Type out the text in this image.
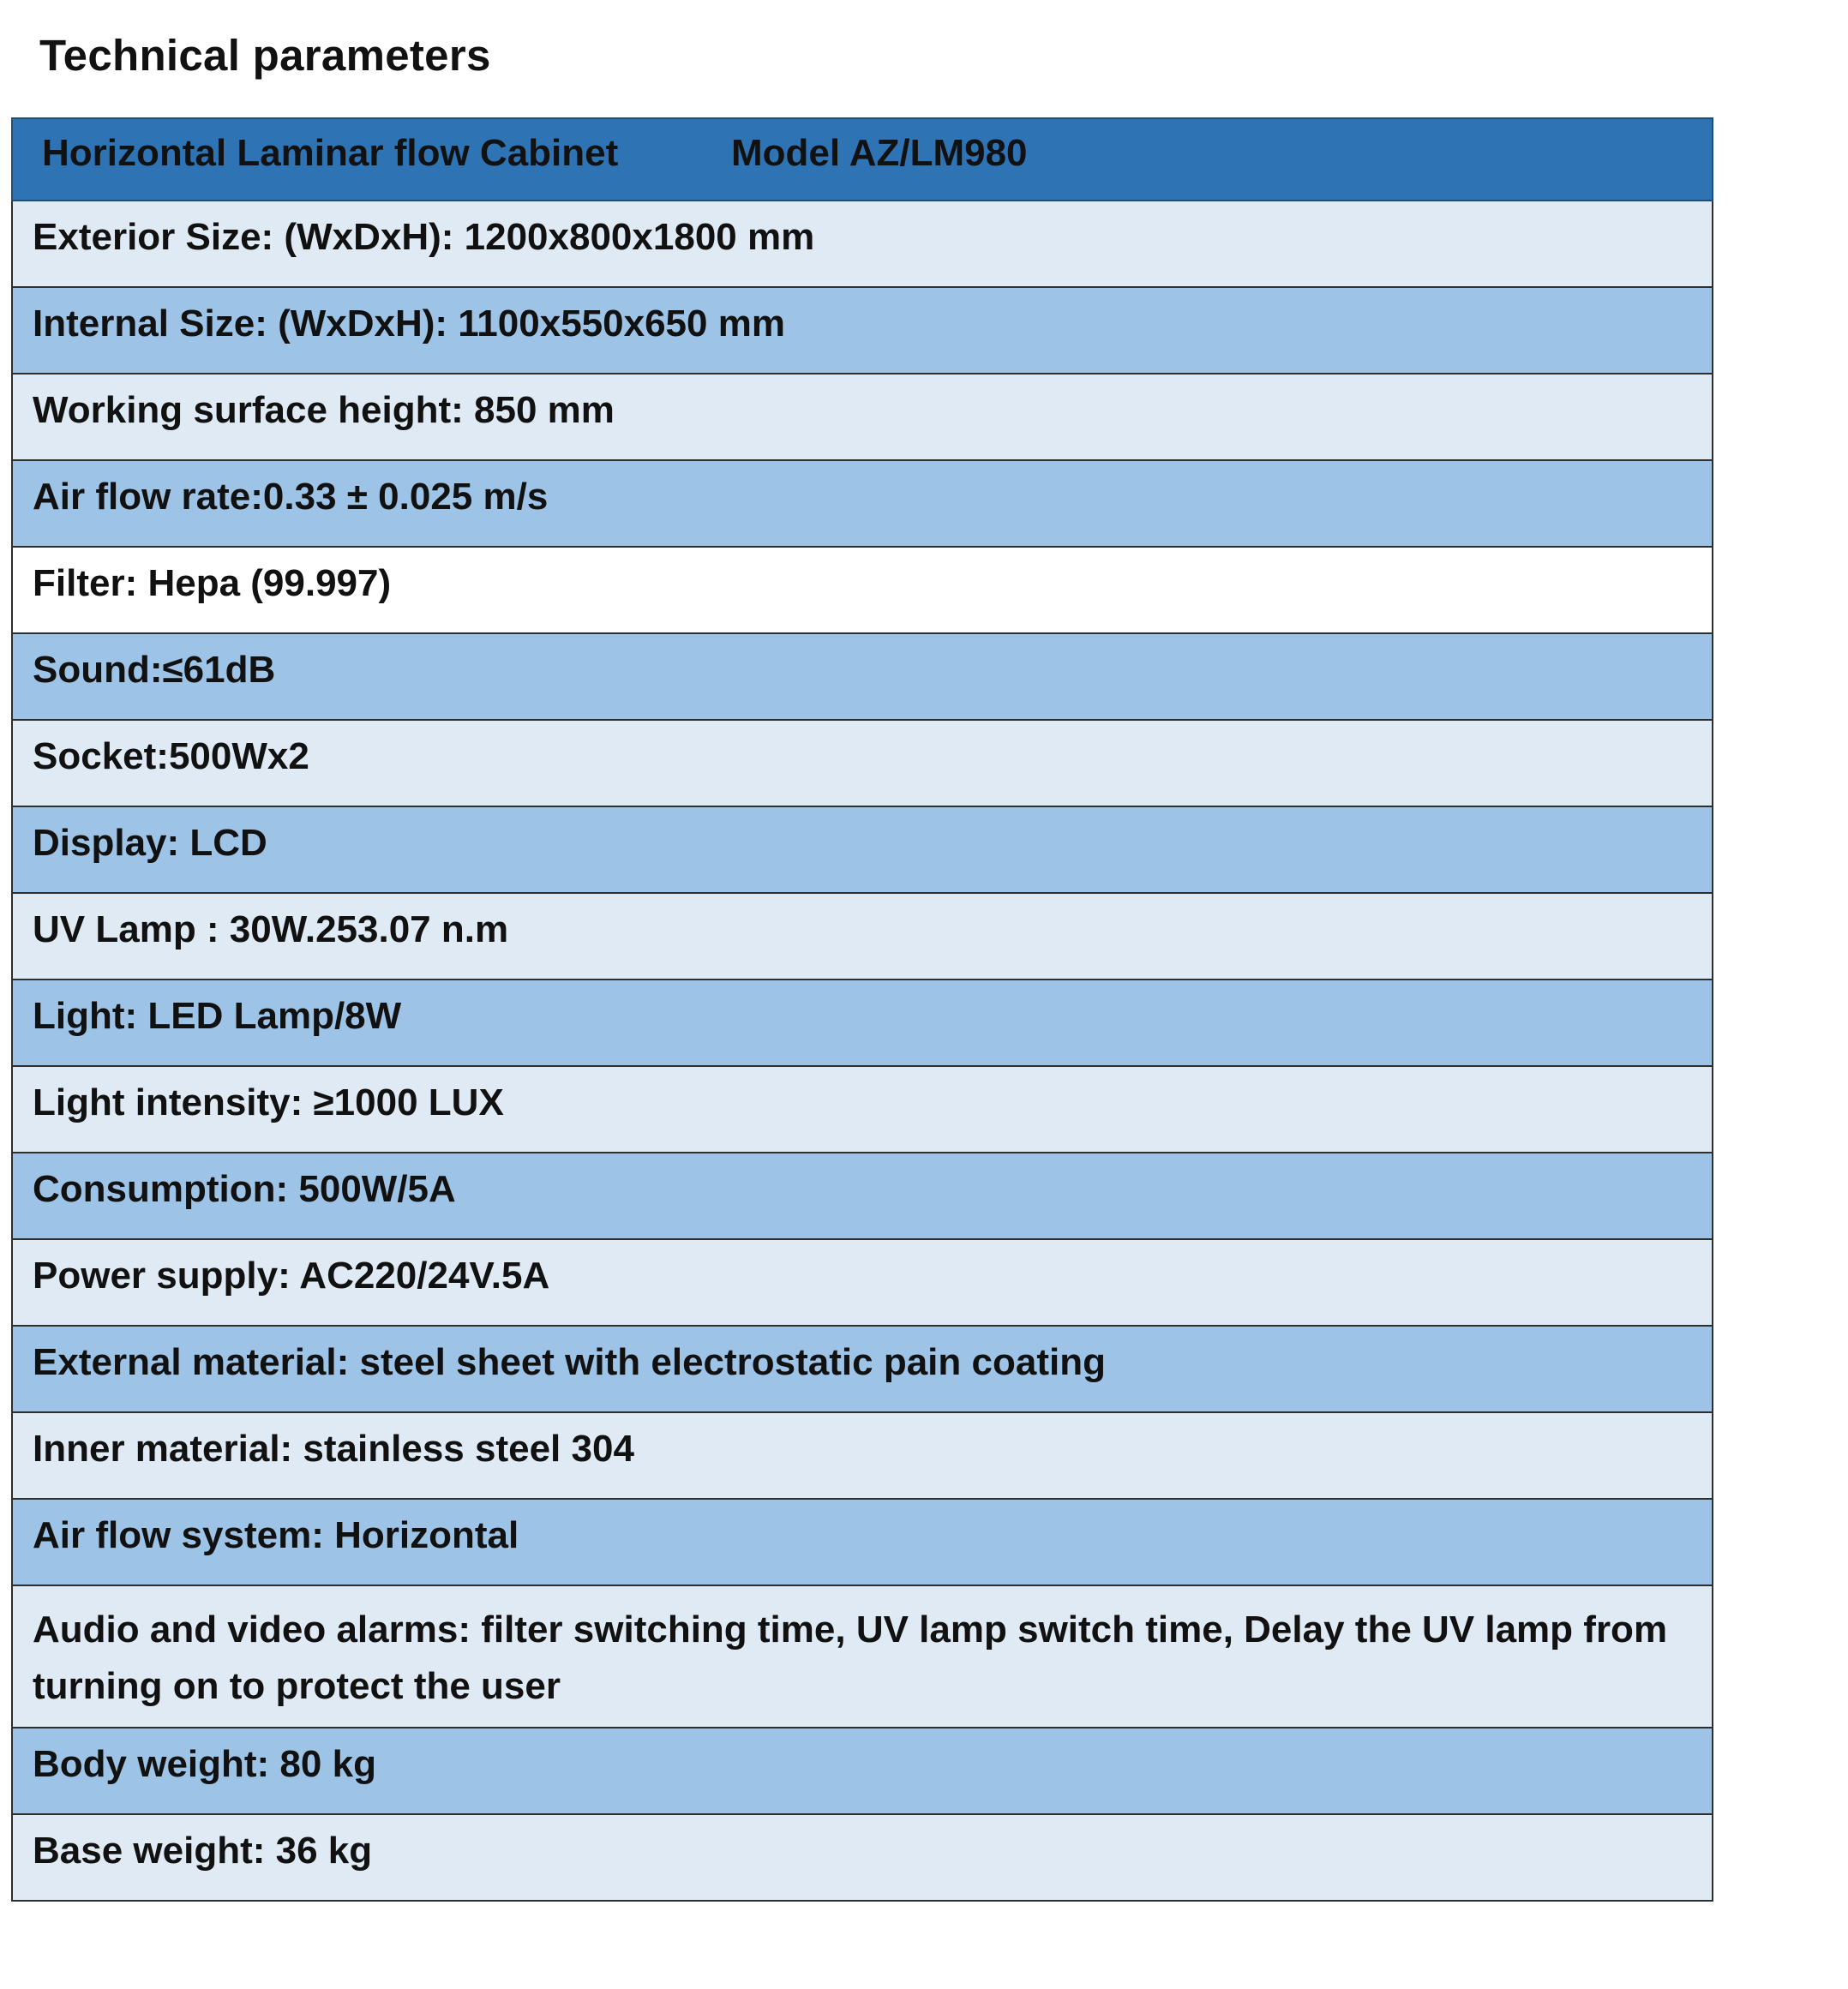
Technical parameters
Horizontal Laminar flow Cabinet	Model AZ/LM980

Exterior Size: (WxDxH): 1200x800x1800 mm
Internal Size: (WxDxH): 1100x550x650 mm
Working surface height: 850 mm
Air flow rate:0.33 ± 0.025 m/s
Filter: Hepa (99.997)
Sound:≤61dB
Socket:500Wx2
Display: LCD
UV Lamp : 30W.253.07 n.m
Light: LED Lamp/8W
Light intensity: ≥1000 LUX
Consumption: 500W/5A
Power supply: AC220/24V.5A
External material: steel sheet with electrostatic pain coating
Inner material: stainless steel 304
Air flow system: Horizontal
Audio and video alarms: filter switching time, UV lamp switch time, Delay the UV lamp from turning on to protect the user
Body weight: 80 kg
Base weight: 36 kg
